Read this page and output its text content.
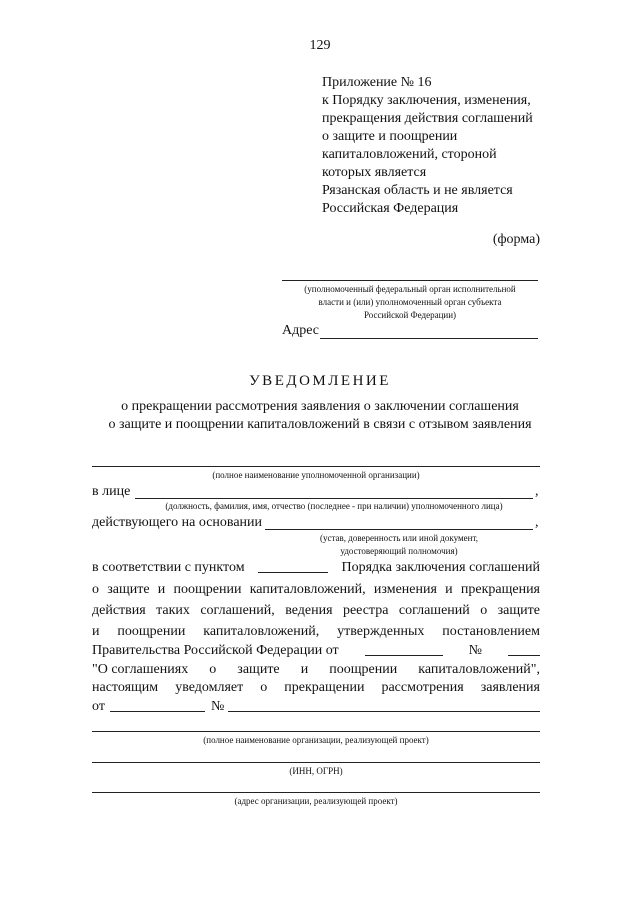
129
Приложение № 16
к Порядку заключения, изменения,
прекращения действия соглашений
о защите и поощрении
капиталовложений, стороной
которых является
Рязанская область и не является
Российская Федерация
(форма)
(уполномоченный федеральный орган исполнительной
власти и (или) уполномоченный орган субъекта
Российской Федерации)
Адрес
УВЕДОМЛЕНИЕ
о прекращении рассмотрения заявления о заключении соглашения
о защите и поощрении капиталовложений в связи с отзывом заявления
(полное наименование уполномоченной организации)
в лице	,
(должность, фамилия, имя, отчество (последнее - при наличии) уполномоченного лица)
действующего на основании	,
(устав, доверенность или иной документ,
удостоверяющий полномочия)
в соответствии с пунктом	Порядка заключения соглашений
о защите и поощрении капиталовложений, изменения и прекращения
действия таких соглашений, ведения реестра соглашений о защите
и поощрении капиталовложений, утвержденных постановлением
Правительства Российской Федерации от	№
"О соглашениях о защите и поощрении капиталовложений",
настоящим уведомляет о прекращении рассмотрения заявления
от	№
(полное наименование организации, реализующей проект)
(ИНН, ОГРН)
(адрес организации, реализующей проект)
